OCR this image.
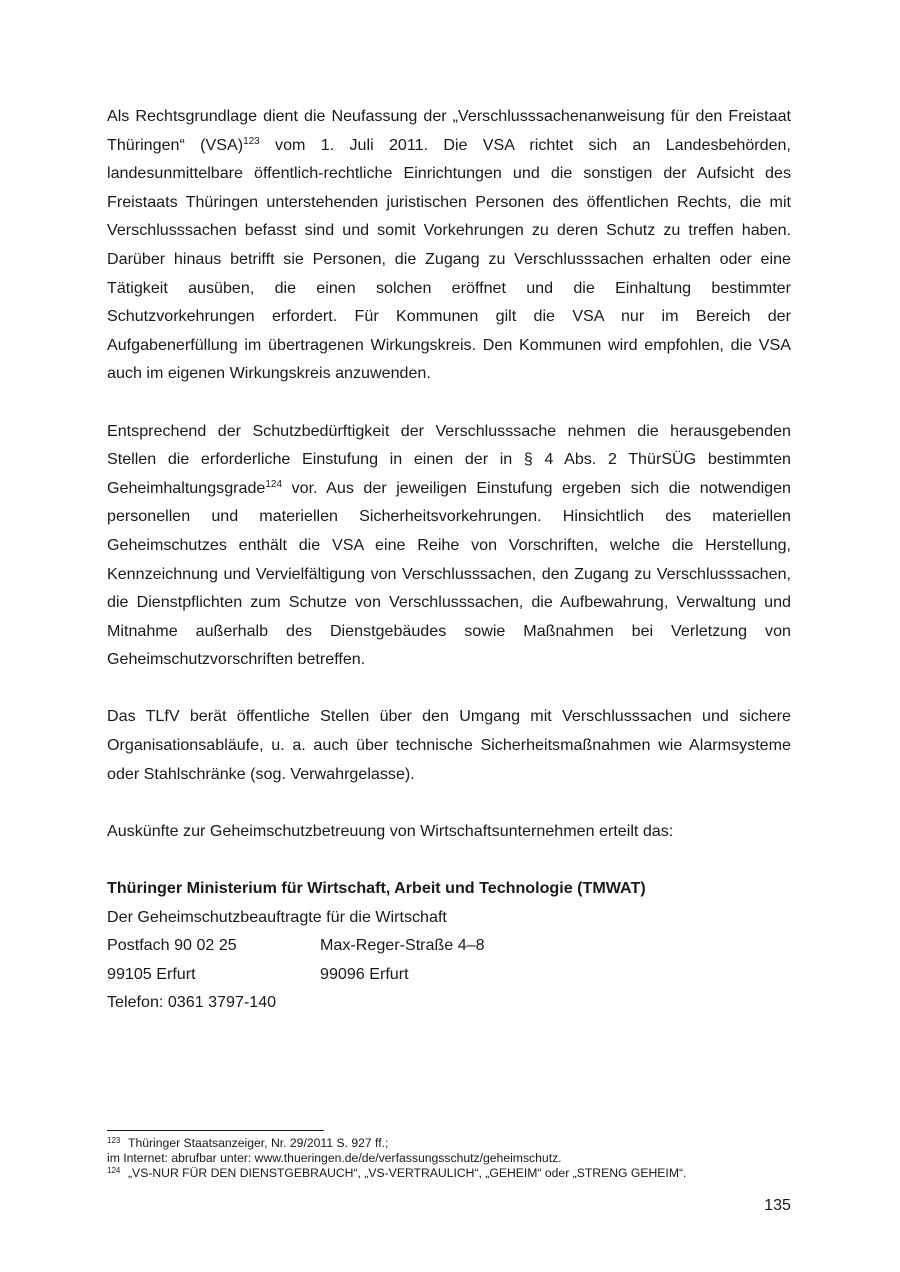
Als Rechtsgrundlage dient die Neufassung der „Verschlusssachenanweisung für den Freistaat Thüringen“ (VSA)$^{123}$ vom 1. Juli 2011. Die VSA richtet sich an Landesbehörden, landesunmittelbare öffentlich-rechtliche Einrichtungen und die sonstigen der Aufsicht des Freistaats Thüringen unterstehenden juristischen Personen des öffentlichen Rechts, die mit Verschlusssachen befasst sind und somit Vorkehrungen zu deren Schutz zu treffen haben. Darüber hinaus betrifft sie Personen, die Zugang zu Verschlusssachen erhalten oder eine Tätigkeit ausüben, die einen solchen eröffnet und die Einhaltung bestimmter Schutzvorkehrungen erfordert. Für Kommunen gilt die VSA nur im Bereich der Aufgabenerfüllung im übertragenen Wirkungskreis. Den Kommunen wird empfohlen, die VSA auch im eigenen Wirkungskreis anzuwenden.

Entsprechend der Schutzbedürftigkeit der Verschlusssache nehmen die herausgebenden Stellen die erforderliche Einstufung in einen der in § 4 Abs. 2 ThürSÜG bestimmten Geheimhaltungsgrade$^{124}$ vor. Aus der jeweiligen Einstufung ergeben sich die notwendigen personellen und materiellen Sicherheitsvorkehrungen. Hinsichtlich des materiellen Geheimschutzes enthält die VSA eine Reihe von Vorschriften, welche die Herstellung, Kennzeichnung und Vervielfältigung von Verschlusssachen, den Zugang zu Verschlusssachen, die Dienstpflichten zum Schutze von Verschlusssachen, die Aufbewahrung, Verwaltung und Mitnahme außerhalb des Dienstgebäudes sowie Maßnahmen bei Verletzung von Geheimschutzvorschriften betreffen.

Das TLfV berät öffentliche Stellen über den Umgang mit Verschlusssachen und sichere Organisationsabläufe, u. a. auch über technische Sicherheitsmaßnahmen wie Alarmsysteme oder Stahlschränke (sog. Verwahrgelasse).

Auskünfte zur Geheimschutzbetreuung von Wirtschaftsunternehmen erteilt das:

Thüringer Ministerium für Wirtschaft, Arbeit und Technologie (TMWAT)
Der Geheimschutzbeauftragte für die Wirtschaft
Postfach 90 02 25	Max-Reger-Straße 4–8
99105 Erfurt	99096 Erfurt
Telefon: 0361 3797-140
123 Thüringer Staatsanzeiger, Nr. 29/2011 S. 927 ff.;
im Internet: abrufbar unter: www.thueringen.de/de/verfassungsschutz/geheimschutz.
124 „VS-NUR FÜR DEN DIENSTGEBRAUCH“, „VS-VERTRAULICH“, „GEHEIM“ oder „STRENG GEHEIM“.
135
